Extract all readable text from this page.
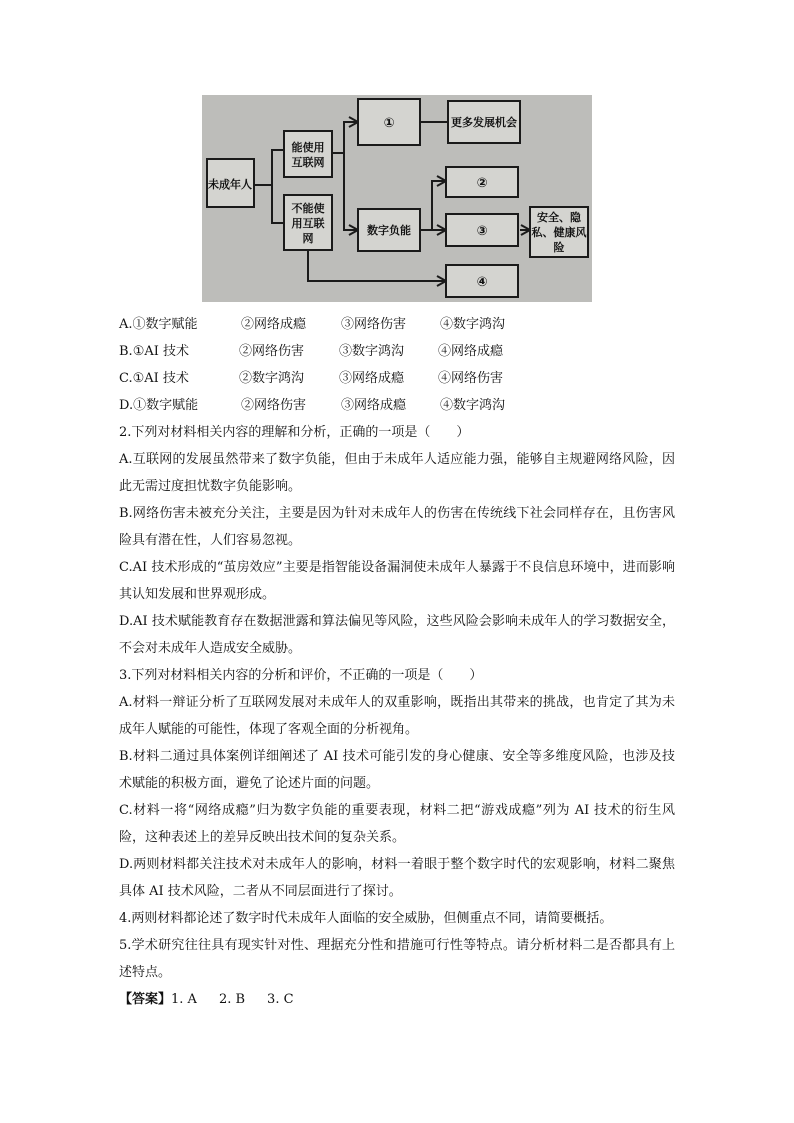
未成年人
能使用
互联网
不能使
用互联
网
①	更多发展机会
数字负能
②
③
④
安全、隐
私、健康风
险
A.①数字赋能	②网络成瘾	③网络伤害	④数字鸿沟
B.①AI 技术	②网络伤害	③数字鸿沟	④网络成瘾
C.①AI 技术	②数字鸿沟	③网络成瘾	④网络伤害
D.①数字赋能	②网络伤害	③网络成瘾	④数字鸿沟
2.下列对材料相关内容的理解和分析，正确的一项是（　　）
A.互联网的发展虽然带来了数字负能，但由于未成年人适应能力强，能够自主规避网络风险，因此无需过度担忧数字负能影响。
B.网络伤害未被充分关注，主要是因为针对未成年人的伤害在传统线下社会同样存在，且伤害风险具有潜在性，人们容易忽视。
C.AI 技术形成的“茧房效应”主要是指智能设备漏洞使未成年人暴露于不良信息环境中，进而影响其认知发展和世界观形成。
D.AI 技术赋能教育存在数据泄露和算法偏见等风险，这些风险会影响未成年人的学习数据安全，不会对未成年人造成安全威胁。
3.下列对材料相关内容的分析和评价，不正确的一项是（　　）
A.材料一辩证分析了互联网发展对未成年人的双重影响，既指出其带来的挑战，也肯定了其为未成年人赋能的可能性，体现了客观全面的分析视角。
B.材料二通过具体案例详细阐述了 AI 技术可能引发的身心健康、安全等多维度风险，也涉及技术赋能的积极方面，避免了论述片面的问题。
C.材料一将“网络成瘾”归为数字负能的重要表现，材料二把“游戏成瘾”列为 AI 技术的衍生风险，这种表述上的差异反映出技术间的复杂关系。
D.两则材料都关注技术对未成年人的影响，材料一着眼于整个数字时代的宏观影响，材料二聚焦具体 AI 技术风险，二者从不同层面进行了探讨。
4.两则材料都论述了数字时代未成年人面临的安全威胁，但侧重点不同，请简要概括。
5.学术研究往往具有现实针对性、理据充分性和措施可行性等特点。请分析材料二是否都具有上述特点。
【答案】1. A 2. B 3. C
